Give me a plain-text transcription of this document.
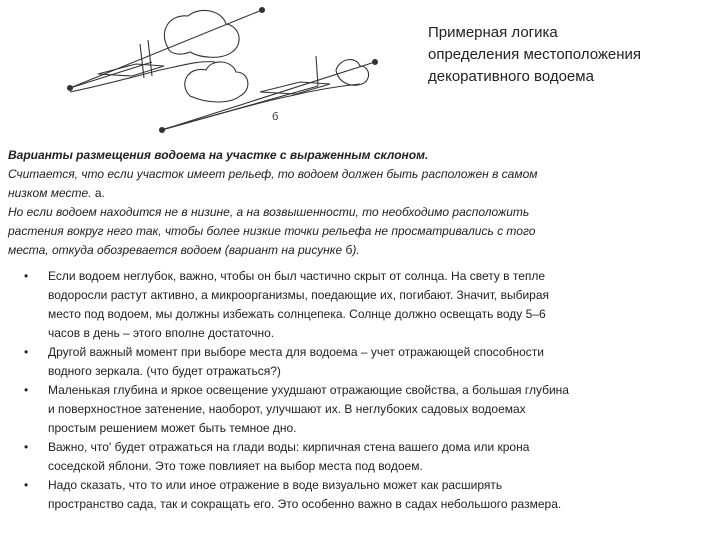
б
Примерная логика
определения местоположения
декоративного водоема

Варианты размещения водоема на участке с выраженным склоном.

Считается, что если участок имеет рельеф, то водоем должен быть расположен в самом

низком месте. а.

Но если водоем находится не в низине, а на возвышенности, то необходимо расположить

растения вокруг него так, чтобы более низкие точки рельефа не просматривались с того

места, откуда обозревается водоем (вариант на рисунке б).

• Если водоем неглубок, важно, чтобы он был частично скрыт от солнца. На свету в тепле
водоросли растут активно, а микроорганизмы, поедающие их, погибают. Значит, выбирая
место под водоем, мы должны избежать солнцепека. Солнце должно освещать воду 5–6
часов в день – этого вполне достаточно.
• Другой важный момент при выборе места для водоема – учет отражающей способности
водного зеркала. (что будет отражаться?)
• Маленькая глубина и яркое освещение ухудшают отражающие свойства, а большая глубина
и поверхностное затенение, наоборот, улучшают их. В неглубоких садовых водоемах
простым решением может быть темное дно.
• Важно, что' будет отражаться на глади воды: кирпичная стена вашего дома или крона
соседской яблони. Это тоже повлияет на выбор места под водоем.
• Надо сказать, что то или иное отражение в воде визуально может как расширять
пространство сада, так и сокращать его. Это особенно важно в садах небольшого размера.
